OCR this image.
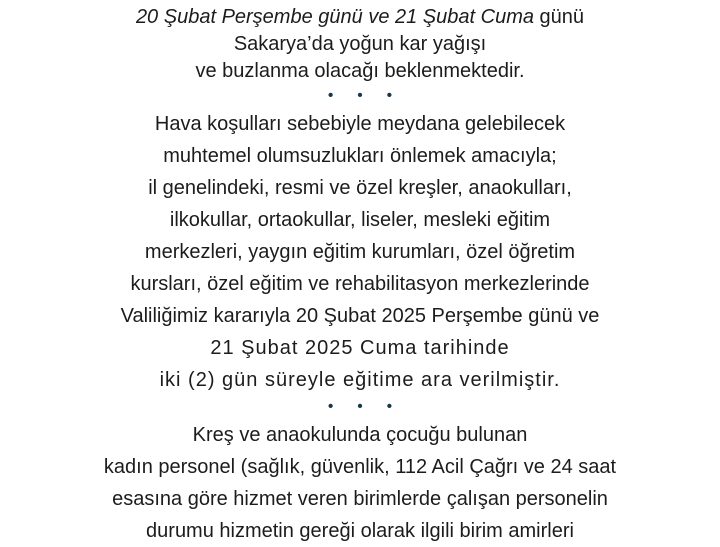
20 Şubat Perşembe günü ve 21 Şubat Cuma günü
Sakarya’da yoğun kar yağışı
ve buzlanma olacağı beklenmektedir.
• • •
Hava koşulları sebebiyle meydana gelebilecek
muhtemel olumsuzlukları önlemek amacıyla;
il genelindeki, resmi ve özel kreşler, anaokulları,
ilkokullar, ortaokullar, liseler, mesleki eğitim
merkezleri, yaygın eğitim kurumları, özel öğretim
kursları, özel eğitim ve rehabilitasyon merkezlerinde
Valiliğimiz kararıyla 20 Şubat 2025 Perşembe günü ve
21 Şubat 2025 Cuma tarihinde
iki (2) gün süreyle eğitime ara verilmiştir.
• • •
Kreş ve anaokulunda çocuğu bulunan
kadın personel (sağlık, güvenlik, 112 Acil Çağrı ve 24 saat
esasına göre hizmet veren birimlerde çalışan personelin
durumu hizmetin gereği olarak ilgili birim amirleri
